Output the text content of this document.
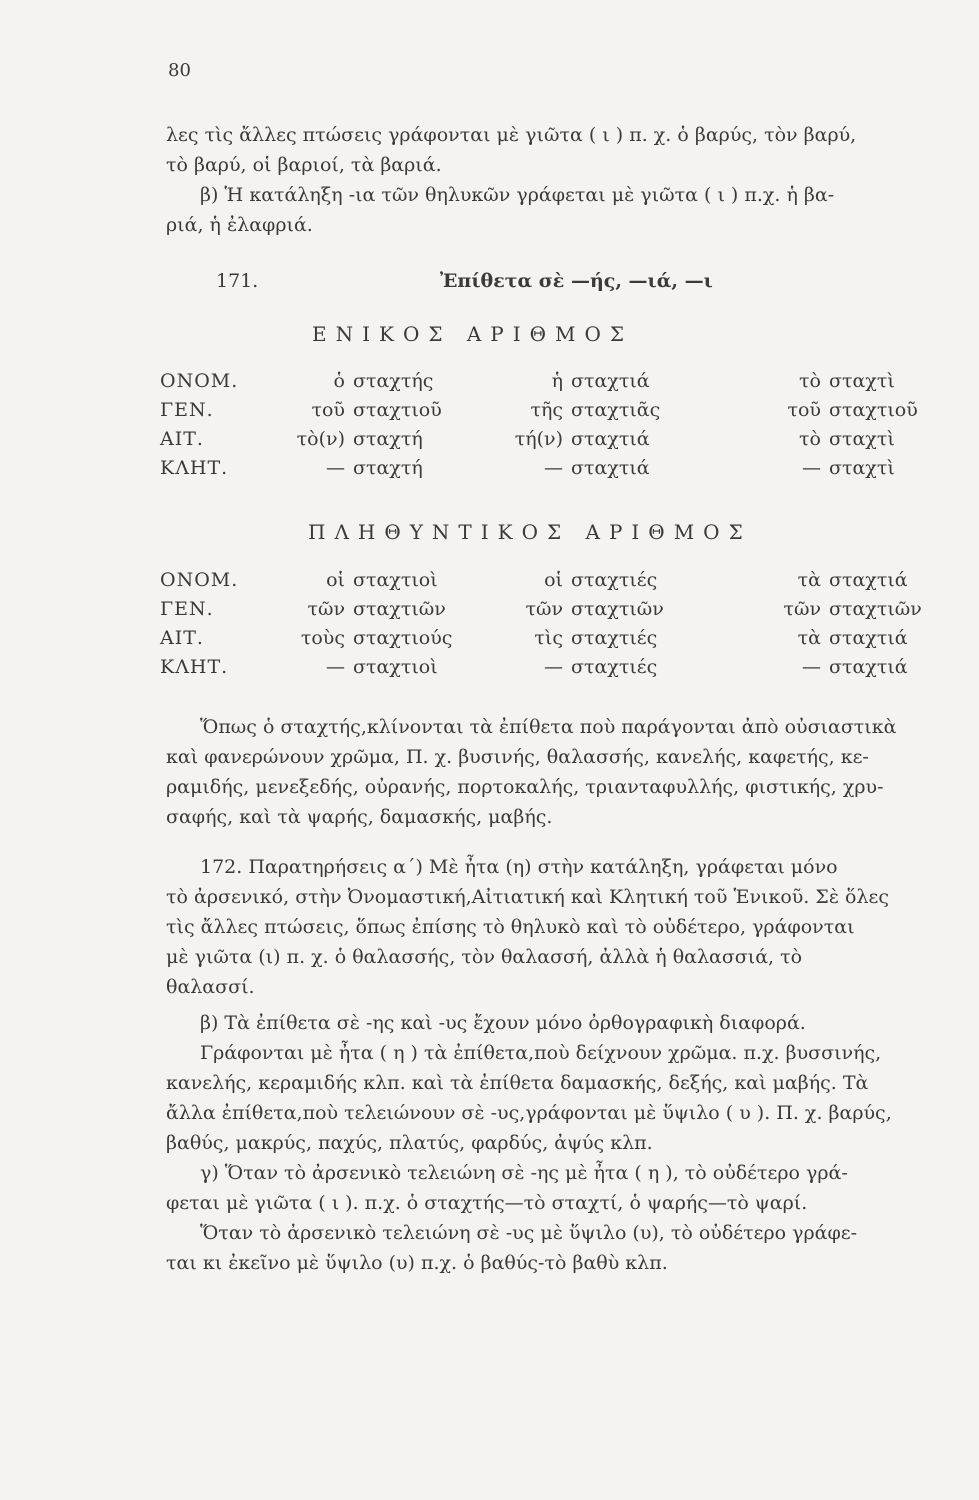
80
λες τὶς ἄλλες πτώσεις γράφονται μὲ γιῶτα ( ι ) π. χ. ὁ βαρύς, τὸν βαρύ,
τὸ βαρύ, οἱ βαριοί, τὰ βαριά.
β) Ἡ κατάληξη -ια τῶν θηλυκῶν γράφεται μὲ γιῶτα ( ι ) π.χ. ἡ βα-
ριά, ἡ ἐλαφριά.
171.	Ἐπίθετα σὲ —ής, —ιά, —ι
ΕΝΙΚΟΣ ΑΡΙΘΜΟΣ
ΟΝΟΜ.	ὁ	σταχτής	ἡ	σταχτιά	τὸ	σταχτὶ
ΓΕΝ.	τοῦ	σταχτιοῦ	τῆς	σταχτιᾶς	τοῦ	σταχτιοῦ
ΑΙΤ.	τὸ(ν)	σταχτή	τή(ν)	σταχτιά	τὸ	σταχτὶ
ΚΛΗΤ.	—	σταχτή	—	σταχτιά	—	σταχτὶ
ΠΛΗΘΥΝΤΙΚΟΣ ΑΡΙΘΜΟΣ
ΟΝΟΜ.	οἱ	σταχτιοὶ	οἱ	σταχτιές	τὰ	σταχτιά
ΓΕΝ.	τῶν	σταχτιῶν	τῶν	σταχτιῶν	τῶν	σταχτιῶν
ΑΙΤ.	τοὺς	σταχτιούς	τὶς	σταχτιές	τὰ	σταχτιά
ΚΛΗΤ.	—	σταχτιοὶ	—	σταχτιές	—	σταχτιά
Ὅπως ὁ σταχτής,κλίνονται τὰ ἐπίθετα ποὺ παράγονται ἀπὸ οὐσιαστικὰ
καὶ φανερώνουν χρῶμα, Π. χ. βυσινής, θαλασσής, κανελής, καφετής, κε-
ραμιδής, μενεξεδής, οὐρανής, πορτοκαλής, τριανταφυλλής, φιστικής, χρυ-
σαφής, καὶ τὰ ψαρής, δαμασκής, μαβής.
172. Παρατηρήσεις α΄) Μὲ ἦτα (η) στὴν κατάληξη, γράφεται μόνο
τὸ ἀρσενικό, στὴν Ὀνομαστική,Αἰτιατική καὶ Κλητική τοῦ Ἑνικοῦ. Σὲ ὅλες
τὶς ἄλλες πτώσεις, ὅπως ἐπίσης τὸ θηλυκὸ καὶ τὸ οὐδέτερο, γράφονται
μὲ γιῶτα (ι) π. χ. ὁ θαλασσής, τὸν θαλασσή, ἀλλὰ ἡ θαλασσιά, τὸ
θαλασσί.
β) Τὰ ἐπίθετα σὲ -ης καὶ -υς ἔχουν μόνο ὀρθογραφικὴ διαφορά.
Γράφονται μὲ ἦτα ( η ) τὰ ἐπίθετα,ποὺ δείχνουν χρῶμα. π.χ. βυσσινής,
κανελής, κεραμιδής κλπ. καὶ τὰ ἐπίθετα δαμασκής, δεξής, καὶ μαβής. Τὰ
ἄλλα ἐπίθετα,ποὺ τελειώνουν σὲ -υς,γράφονται μὲ ὕψιλο ( υ ). Π. χ. βαρύς,
βαθύς, μακρύς, παχύς, πλατύς, φαρδύς, ἀψύς κλπ.
γ) Ὅταν τὸ ἀρσενικὸ τελειώνη σὲ -ης μὲ ἦτα ( η ), τὸ οὐδέτερο γρά-
φεται μὲ γιῶτα ( ι ). π.χ. ὁ σταχτής—τὸ σταχτί, ὁ ψαρής—τὸ ψαρί.
Ὅταν τὸ ἀρσενικὸ τελειώνη σὲ -υς μὲ ὕψιλο (υ), τὸ οὐδέτερο γράφε-
ται κι ἐκεῖνο μὲ ὕψιλο (υ) π.χ. ὁ βαθύς-τὸ βαθὺ κλπ.
